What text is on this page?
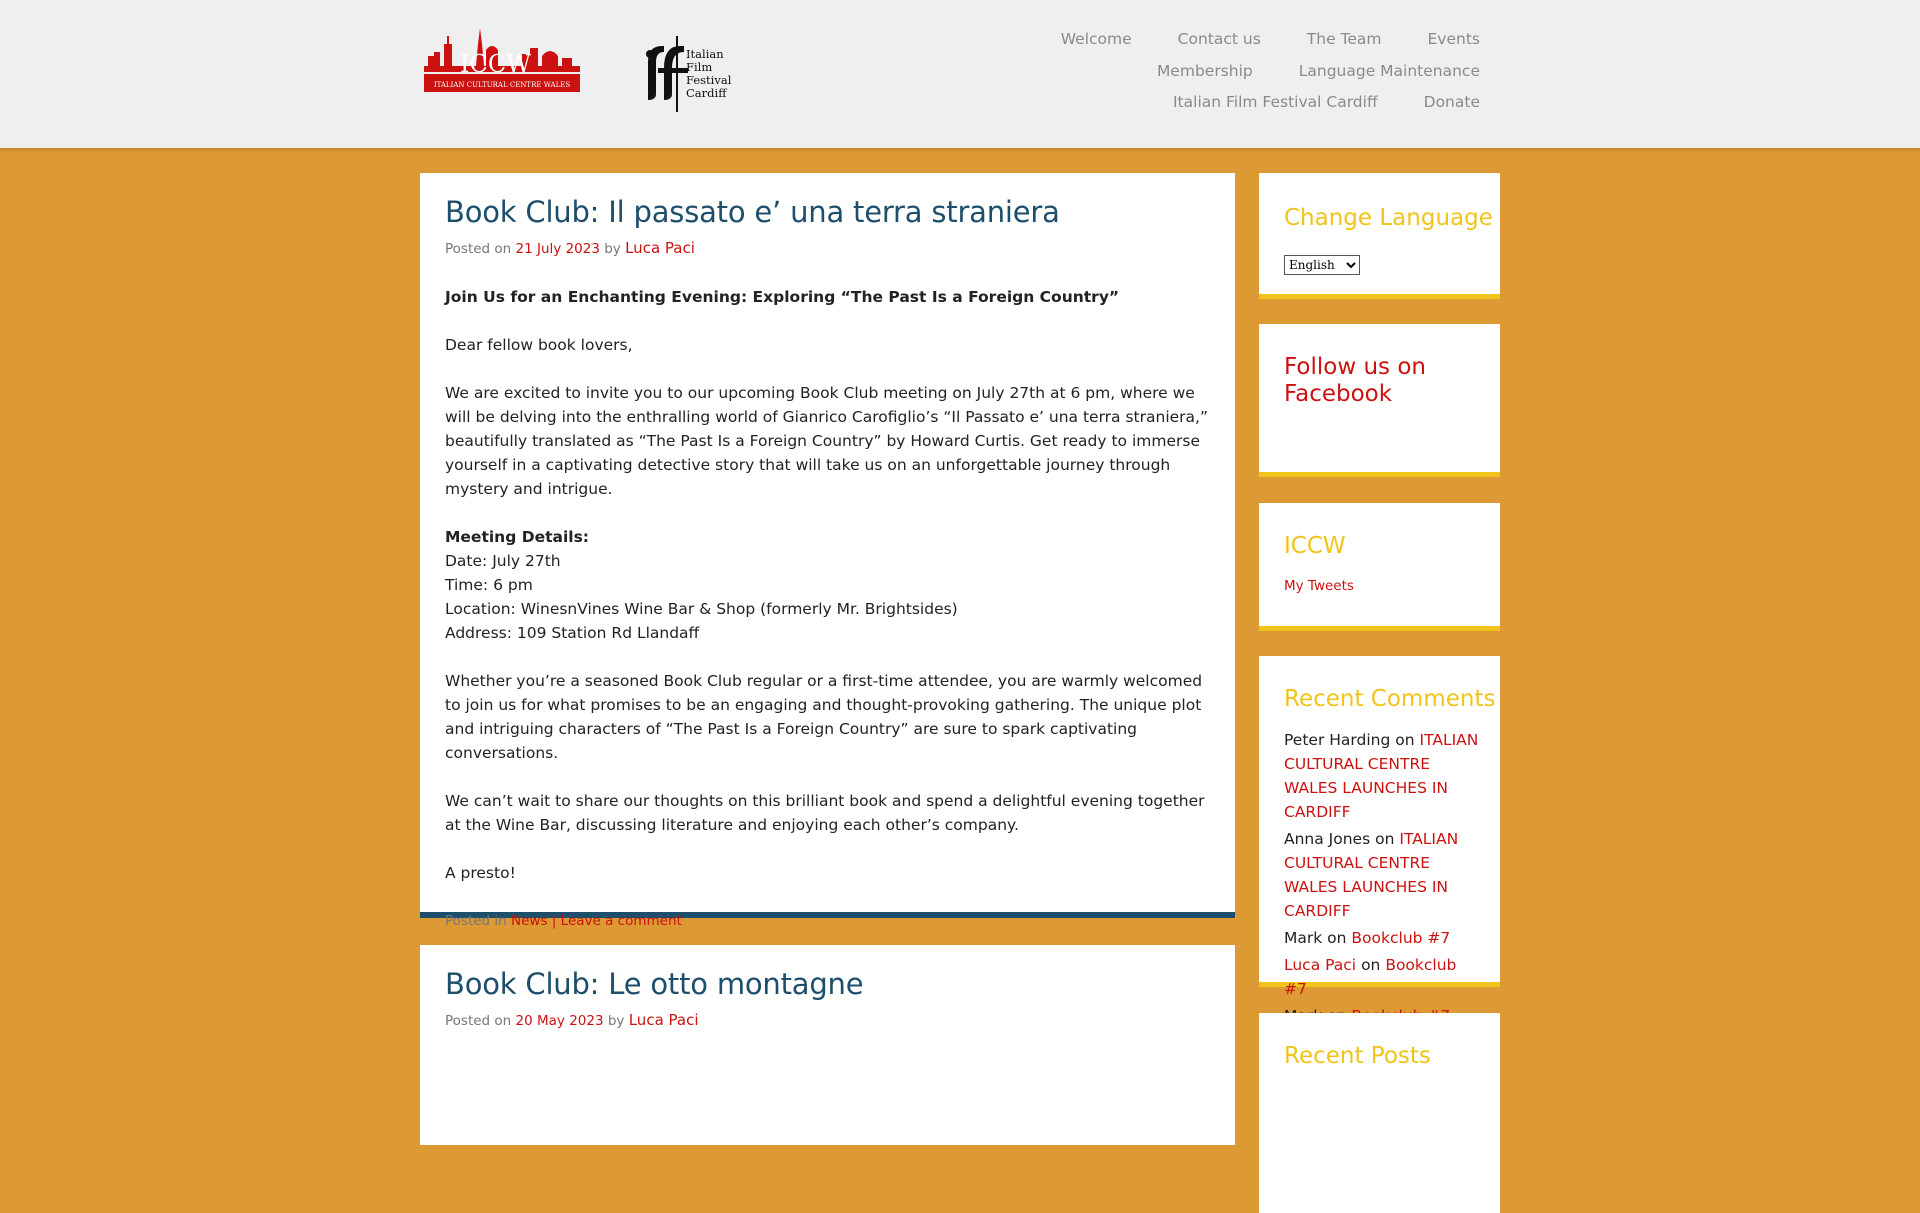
ICCW
ITALIAN CULTURAL CENTRE WALES
Italian
Film
Festival
Cardiff
Welcome	Contact us	The Team	Events
Membership	Language Maintenance
Italian Film Festival Cardiff	Donate
Book Club: Il passato e’ una terra straniera
Posted on 21 July 2023 by Luca Paci

Join Us for an Enchanting Evening: Exploring “The Past Is a Foreign Country”

Dear fellow book lovers,

We are excited to invite you to our upcoming Book Club meeting on July 27th at 6 pm, where we will be delving into the enthralling world of Gianrico Carofiglio’s “Il Passato e’ una terra straniera,” beautifully translated as “The Past Is a Foreign Country” by Howard Curtis. Get ready to immerse yourself in a captivating detective story that will take us on an unforgettable journey through mystery and intrigue.

Meeting Details:
Date: July 27th
Time: 6 pm
Location: WinesnVines Wine Bar & Shop (formerly Mr. Brightsides)
Address: 109 Station Rd Llandaff

Whether you’re a seasoned Book Club regular or a first-time attendee, you are warmly welcomed to join us for what promises to be an engaging and thought-provoking gathering. The unique plot and intriguing characters of “The Past Is a Foreign Country” are sure to spark captivating conversations.

We can’t wait to share our thoughts on this brilliant book and spend a delightful evening together at the Wine Bar, discussing literature and enjoying each other’s company.

A presto!

Posted in News | Leave a comment
Book Club: Le otto montagne
Posted on 20 May 2023 by Luca Paci
Change Language
English
Follow us on Facebook
ICCW
My Tweets
Recent Comments
Peter Harding on ITALIAN CULTURAL CENTRE WALES LAUNCHES IN CARDIFF
Anna Jones on ITALIAN CULTURAL CENTRE WALES LAUNCHES IN CARDIFF
Mark on Bookclub #7
Luca Paci on Bookclub #7
Recent Posts
